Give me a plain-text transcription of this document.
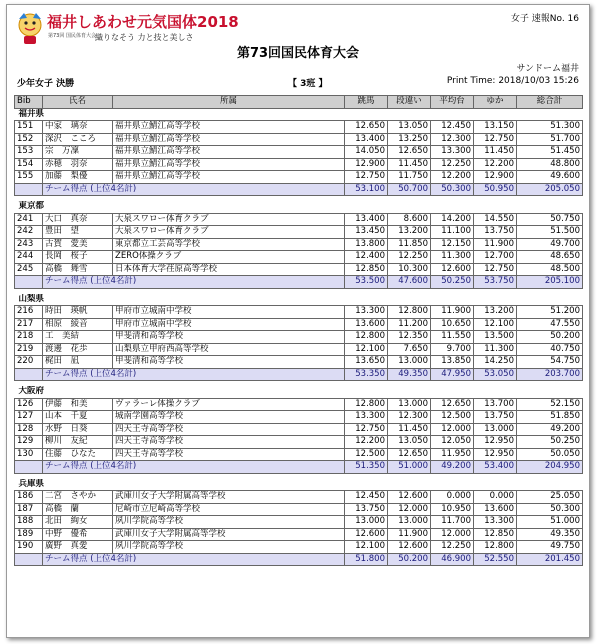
福井しあわせ元気国体2018
第73回 国民体育大会 織りなそう 力と技と美しさ
女子 速報No. 16
第73回国民体育大会
サンドーム福井
少年女子 決勝	【 3班 】	Print Time: 2018/10/03 15:26
Bib	氏名	所属	跳馬	段違い	平均台	ゆか	総合計
福井県							
151	中家　璃奈	福井県立鯖江高等学校	12.650	13.050	12.450	13.150	51.300
152	深沢　こころ	福井県立鯖江高等学校	13.400	13.250	12.300	12.750	51.700
153	宗　万凜	福井県立鯖江高等学校	14.050	12.650	13.300	11.450	51.450
154	赤穂　羽奈	福井県立鯖江高等学校	12.900	11.450	12.250	12.200	48.800
155	加藤　梨優	福井県立鯖江高等学校	12.750	11.750	12.200	12.900	49.600
	チーム得点 (上位4名計)		53.100	50.700	50.300	50.950	205.050

東京都							
241	大口　真奈	大泉スワロー体育クラブ	13.400	8.600	14.200	14.550	50.750
242	豊田　望	大泉スワロー体育クラブ	13.450	13.200	11.100	13.750	51.500
243	古賀　愛美	東京都立工芸高等学校	13.800	11.850	12.150	11.900	49.700
244	長岡　桜子	ZERO体操クラブ	12.400	12.250	11.300	12.700	48.650
245	高橋　舞雪	日本体育大学荏原高等学校	12.850	10.300	12.600	12.750	48.500
	チーム得点 (上位4名計)		53.500	47.600	50.250	53.750	205.100

山梨県							
216	時田　瑛帆	甲府市立城南中学校	13.300	12.800	11.900	13.200	51.200
217	相原　綾音	甲府市立城南中学校	13.600	11.200	10.650	12.100	47.550
218	工　美結	甲斐清和高等学校	12.800	12.350	11.550	13.500	50.200
219	渡邊　花歩	山梨県立甲府西高等学校	12.100	7.650	9.700	11.300	40.750
220	梶田　凪	甲斐清和高等学校	13.650	13.000	13.850	14.250	54.750
	チーム得点 (上位4名計)		53.350	49.350	47.950	53.050	203.700

大阪府							
126	伊藤　和美	ヴァラーレ体操クラブ	12.800	13.000	12.650	13.700	52.150
127	山本　千夏	城南学園高等学校	13.300	12.300	12.500	13.750	51.850
128	水野　日葵	四天王寺高等学校	12.750	11.450	12.000	13.000	49.200
129	柳川　友紀	四天王寺高等学校	12.200	13.050	12.050	12.950	50.250
130	住藤　ひなた	四天王寺高等学校	12.500	12.650	11.950	12.950	50.050
	チーム得点 (上位4名計)		51.350	51.000	49.200	53.400	204.950

兵庫県							
186	二宮　さやか	武庫川女子大学附属高等学校	12.450	12.600	0.000	0.000	25.050
187	高橋　蘭	尼崎市立尼崎高等学校	13.750	12.000	10.950	13.600	50.300
188	北田　絢女	夙川学院高等学校	13.000	13.000	11.700	13.300	51.000
189	中野　優希	武庫川女子大学附属高等学校	12.600	11.900	12.000	12.850	49.350
190	廣野　真愛	夙川学院高等学校	12.100	12.600	12.250	12.800	49.750
	チーム得点 (上位4名計)		51.800	50.200	46.900	52.550	201.450
